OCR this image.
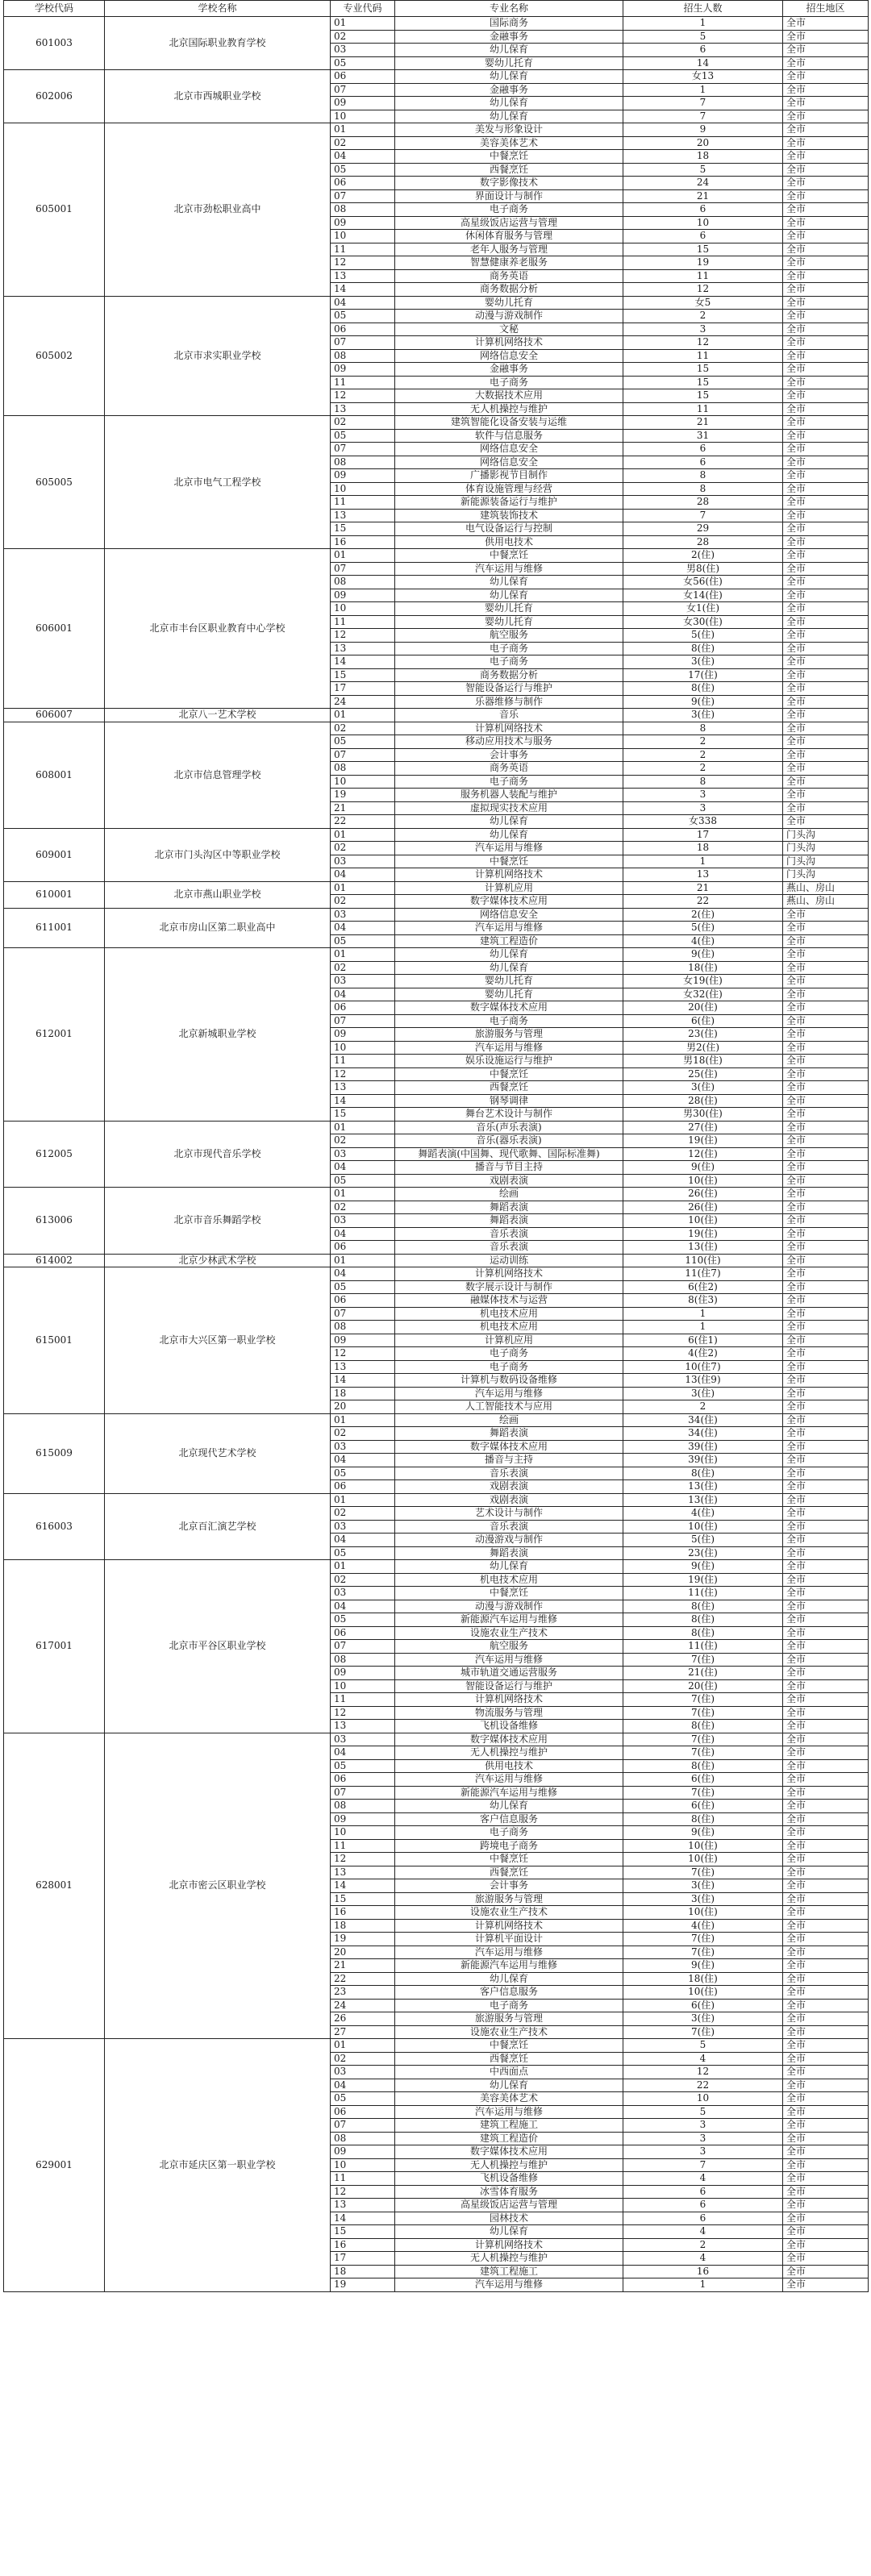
学校代码	学校名称	专业代码	专业名称	招生人数	招生地区
601003	北京国际职业教育学校	01	国际商务	1	全市
		02	金融事务	5	全市
		03	幼儿保育	6	全市
		05	婴幼儿托育	14	全市
602006	北京市西城职业学校	06	幼儿保育	女13	全市
		07	金融事务	1	全市
		09	幼儿保育	7	全市
		10	幼儿保育	7	全市
605001	北京市劲松职业高中	01	美发与形象设计	9	全市
		02	美容美体艺术	20	全市
		04	中餐烹饪	18	全市
		05	西餐烹饪	5	全市
		06	数字影像技术	24	全市
		07	界面设计与制作	21	全市
		08	电子商务	6	全市
		09	高星级饭店运营与管理	10	全市
		10	休闲体育服务与管理	6	全市
		11	老年人服务与管理	15	全市
		12	智慧健康养老服务	19	全市
		13	商务英语	11	全市
		14	商务数据分析	12	全市
605002	北京市求实职业学校	04	婴幼儿托育	女5	全市
		05	动漫与游戏制作	2	全市
		06	文秘	3	全市
		07	计算机网络技术	12	全市
		08	网络信息安全	11	全市
		09	金融事务	15	全市
		11	电子商务	15	全市
		12	大数据技术应用	15	全市
		13	无人机操控与维护	11	全市
605005	北京市电气工程学校	02	建筑智能化设备安装与运维	21	全市
		05	软件与信息服务	31	全市
		07	网络信息安全	6	全市
		08	网络信息安全	6	全市
		09	广播影视节目制作	8	全市
		10	体育设施管理与经营	8	全市
		11	新能源装备运行与维护	28	全市
		13	建筑装饰技术	7	全市
		15	电气设备运行与控制	29	全市
		16	供用电技术	28	全市
606001	北京市丰台区职业教育中心学校	01	中餐烹饪	2(住)	全市
		07	汽车运用与维修	男8(住)	全市
		08	幼儿保育	女56(住)	全市
		09	幼儿保育	女14(住)	全市
		10	婴幼儿托育	女1(住)	全市
		11	婴幼儿托育	女30(住)	全市
		12	航空服务	5(住)	全市
		13	电子商务	8(住)	全市
		14	电子商务	3(住)	全市
		15	商务数据分析	17(住)	全市
		17	智能设备运行与维护	8(住)	全市
		24	乐器维修与制作	9(住)	全市
606007	北京八一艺术学校	01	音乐	3(住)	全市
608001	北京市信息管理学校	02	计算机网络技术	8	全市
		05	移动应用技术与服务	2	全市
		07	会计事务	2	全市
		08	商务英语	2	全市
		10	电子商务	8	全市
		19	服务机器人装配与维护	3	全市
		21	虚拟现实技术应用	3	全市
		22	幼儿保育	女338	全市
609001	北京市门头沟区中等职业学校	01	幼儿保育	17	门头沟
		02	汽车运用与维修	18	门头沟
		03	中餐烹饪	1	门头沟
		04	计算机网络技术	13	门头沟
610001	北京市燕山职业学校	01	计算机应用	21	燕山、房山
		02	数字媒体技术应用	22	燕山、房山
611001	北京市房山区第二职业高中	03	网络信息安全	2(住)	全市
		04	汽车运用与维修	5(住)	全市
		05	建筑工程造价	4(住)	全市
612001	北京新城职业学校	01	幼儿保育	9(住)	全市
		02	幼儿保育	18(住)	全市
		03	婴幼儿托育	女19(住)	全市
		04	婴幼儿托育	女32(住)	全市
		06	数字媒体技术应用	20(住)	全市
		07	电子商务	6(住)	全市
		09	旅游服务与管理	23(住)	全市
		10	汽车运用与维修	男2(住)	全市
		11	娱乐设施运行与维护	男18(住)	全市
		12	中餐烹饪	25(住)	全市
		13	西餐烹饪	3(住)	全市
		14	钢琴调律	28(住)	全市
		15	舞台艺术设计与制作	男30(住)	全市
612005	北京市现代音乐学校	01	音乐(声乐表演)	27(住)	全市
		02	音乐(器乐表演)	19(住)	全市
		03	舞蹈表演(中国舞、现代歌舞、国际标准舞)	12(住)	全市
		04	播音与节目主持	9(住)	全市
		05	戏剧表演	10(住)	全市
613006	北京市音乐舞蹈学校	01	绘画	26(住)	全市
		02	舞蹈表演	26(住)	全市
		03	舞蹈表演	10(住)	全市
		04	音乐表演	19(住)	全市
		06	音乐表演	13(住)	全市
614002	北京少林武术学校	01	运动训练	110(住)	全市
615001	北京市大兴区第一职业学校	04	计算机网络技术	11(住7)	全市
		05	数字展示设计与制作	6(住2)	全市
		06	融媒体技术与运营	8(住3)	全市
		07	机电技术应用	1	全市
		08	机电技术应用	1	全市
		09	计算机应用	6(住1)	全市
		12	电子商务	4(住2)	全市
		13	电子商务	10(住7)	全市
		14	计算机与数码设备维修	13(住9)	全市
		18	汽车运用与维修	3(住)	全市
		20	人工智能技术与应用	2	全市
615009	北京现代艺术学校	01	绘画	34(住)	全市
		02	舞蹈表演	34(住)	全市
		03	数字媒体技术应用	39(住)	全市
		04	播音与主持	39(住)	全市
		05	音乐表演	8(住)	全市
		06	戏剧表演	13(住)	全市
616003	北京百汇演艺学校	01	戏剧表演	13(住)	全市
		02	艺术设计与制作	4(住)	全市
		03	音乐表演	10(住)	全市
		04	动漫游戏与制作	5(住)	全市
		05	舞蹈表演	23(住)	全市
617001	北京市平谷区职业学校	01	幼儿保育	9(住)	全市
		02	机电技术应用	19(住)	全市
		03	中餐烹饪	11(住)	全市
		04	动漫与游戏制作	8(住)	全市
		05	新能源汽车运用与维修	8(住)	全市
		06	设施农业生产技术	8(住)	全市
		07	航空服务	11(住)	全市
		08	汽车运用与维修	7(住)	全市
		09	城市轨道交通运营服务	21(住)	全市
		10	智能设备运行与维护	20(住)	全市
		11	计算机网络技术	7(住)	全市
		12	物流服务与管理	7(住)	全市
		13	飞机设备维修	8(住)	全市
628001	北京市密云区职业学校	03	数字媒体技术应用	7(住)	全市
		04	无人机操控与维护	7(住)	全市
		05	供用电技术	8(住)	全市
		06	汽车运用与维修	6(住)	全市
		07	新能源汽车运用与维修	7(住)	全市
		08	幼儿保育	6(住)	全市
		09	客户信息服务	8(住)	全市
		10	电子商务	9(住)	全市
		11	跨境电子商务	10(住)	全市
		12	中餐烹饪	10(住)	全市
		13	西餐烹饪	7(住)	全市
		14	会计事务	3(住)	全市
		15	旅游服务与管理	3(住)	全市
		16	设施农业生产技术	10(住)	全市
		18	计算机网络技术	4(住)	全市
		19	计算机平面设计	7(住)	全市
		20	汽车运用与维修	7(住)	全市
		21	新能源汽车运用与维修	9(住)	全市
		22	幼儿保育	18(住)	全市
		23	客户信息服务	10(住)	全市
		24	电子商务	6(住)	全市
		26	旅游服务与管理	3(住)	全市
		27	设施农业生产技术	7(住)	全市
629001	北京市延庆区第一职业学校	01	中餐烹饪	5	全市
		02	西餐烹饪	4	全市
		03	中西面点	12	全市
		04	幼儿保育	22	全市
		05	美容美体艺术	10	全市
		06	汽车运用与维修	5	全市
		07	建筑工程施工	3	全市
		08	建筑工程造价	3	全市
		09	数字媒体技术应用	3	全市
		10	无人机操控与维护	7	全市
		11	飞机设备维修	4	全市
		12	冰雪体育服务	6	全市
		13	高星级饭店运营与管理	6	全市
		14	园林技术	6	全市
		15	幼儿保育	4	全市
		16	计算机网络技术	2	全市
		17	无人机操控与维护	4	全市
		18	建筑工程施工	16	全市
		19	汽车运用与维修	1	全市
